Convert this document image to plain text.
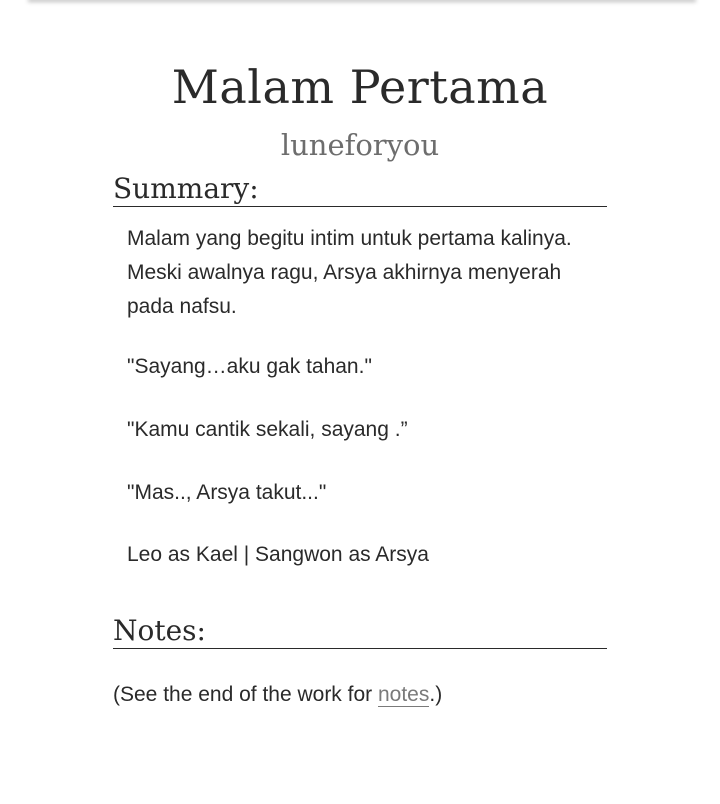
Malam Pertama
luneforyou
Summary:

Malam yang begitu intim untuk pertama kalinya. Meski awalnya ragu, Arsya akhirnya menyerah pada nafsu.

"Sayang…aku gak tahan."

"Kamu cantik sekali, sayang .”

"Mas.., Arsya takut..."

Leo as Kael | Sangwon as Arsya

Notes:
(See the end of the work for notes.)
